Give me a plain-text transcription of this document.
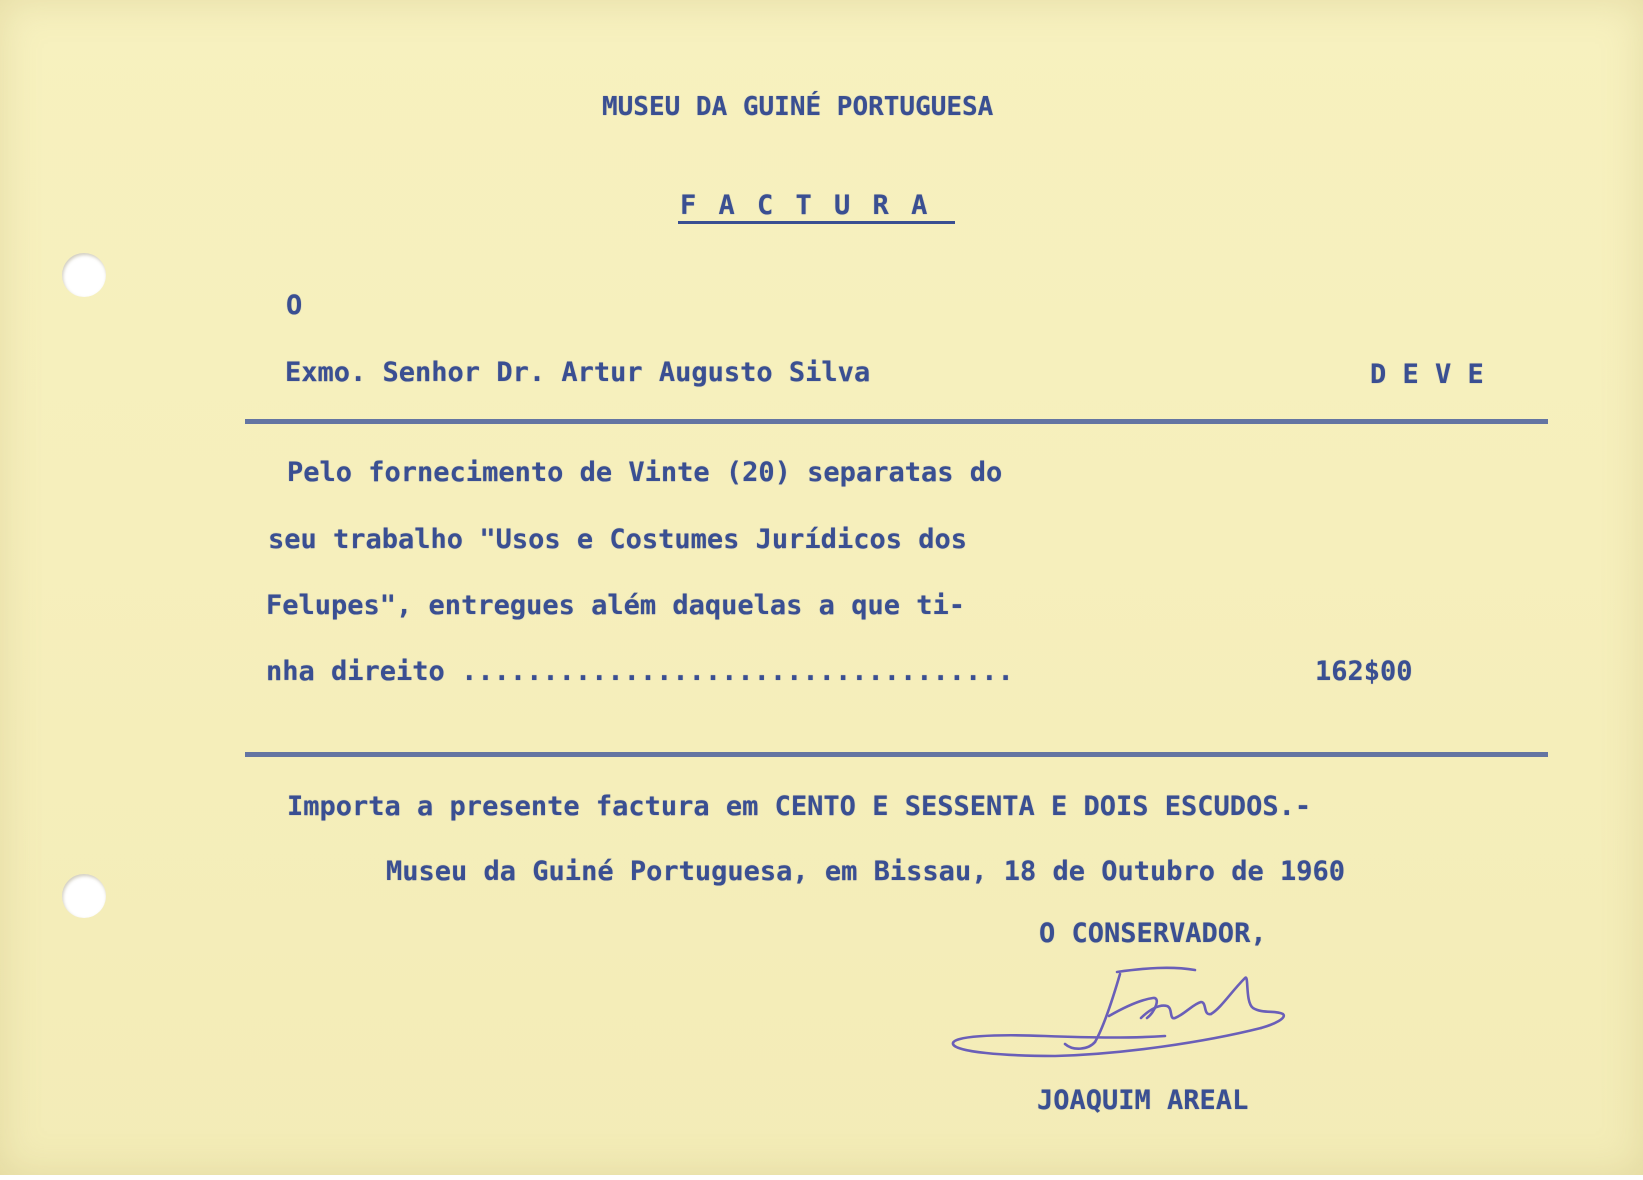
MUSEU DA GUINÉ PORTUGUESA
F A C T U R A
O
Exmo. Senhor Dr. Artur Augusto Silva	D E V E
Pelo fornecimento de Vinte (20) separatas do
seu trabalho "Usos e Costumes Jurídicos dos
Felupes", entregues além daquelas a que ti-
nha direito ..................................	162$00
Importa a presente factura em CENTO E SESSENTA E DOIS ESCUDOS.-
Museu da Guiné Portuguesa, em Bissau, 18 de Outubro de 1960
O CONSERVADOR,
JOAQUIM AREAL
